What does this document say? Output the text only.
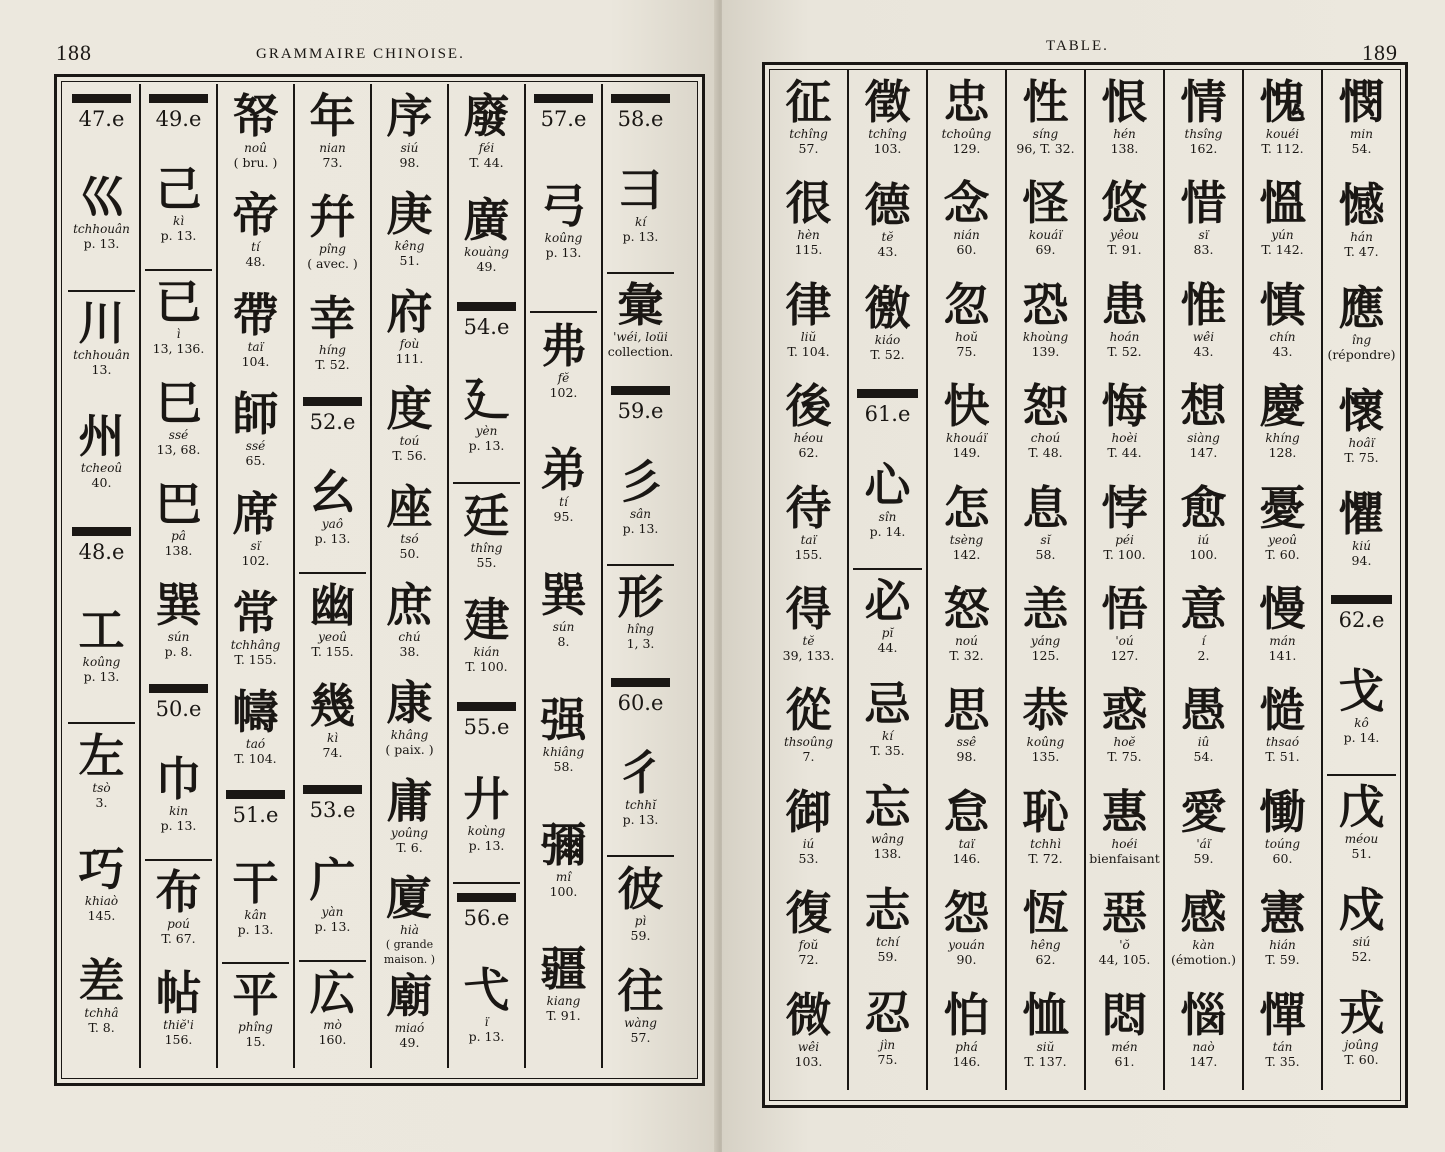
188	GRAMMAIRE CHINOISE.
47.e
巛
tchhouân
p. 13.
川
tchhouân
13.
州
tcheoû
40.
48.e
工
koûng
p. 13.
左
tsò
3.
巧
khiaò
145.
差
tchhâ
T. 8.
49.e
己
kì
p. 13.
已
ì
13, 136.
巳
ssé
13, 68.
巴
pâ
138.
巽
sún
p. 8.
50.e
巾
kin
p. 13.
布
poú
T. 67.
帖
thiĕ'i
156.
帑
noû
( bru. )
帝
tí
48.
帶
taï
104.
師
ssé
65.
席
sï
102.
常
tchhâng
T. 155.
幬
taó
T. 104.
51.e
干
kân
p. 13.
平
phîng
15.
年
nian
73.
幷
pîng
( avec. )
幸
híng
T. 52.
52.e
幺
yaô
p. 13.
幽
yeoû
T. 155.
幾
kì
74.
53.e
广
yàn
p. 13.
広
mò
160.
序
siú
98.
庚
kêng
51.
府
foù
111.
度
toú
T. 56.
座
tsó
50.
庶
chú
38.
康
khâng
( paix. )
庸
yoûng
T. 6.
廈
hià
( grande maison. )
廟
miaó
49.
廢
féi
T. 44.
廣
kouàng
49.
54.e
廴
yèn
p. 13.
廷
thîng
55.
建
kián
T. 100.
55.e
廾
koùng
p. 13.
56.e
弋
ï
p. 13.
57.e
弓
koûng
p. 13.
弗
fĕ
102.
弟
tí
95.
巽
sún
8.
强
khiâng
58.
彌
mî
100.
疆
kiang
T. 91.
58.e
彐
kí
p. 13.
彙
'wéi, loüi
collection.
59.e
彡
sân
p. 13.
形
hîng
1, 3.
60.e
彳
tchhĭ
p. 13.
彼
pì
59.
往
wàng
57.
TABLE.	189
征
tchîng
57.
很
hèn
115.
律
liŭ
T. 104.
後
héou
62.
待
taï
155.
得
tĕ
39, 133.
從
thsoûng
7.
御
iú
53.
復
foŭ
72.
微
wêi
103.
徵
tchîng
103.
德
tĕ
43.
徼
kiáo
T. 52.
61.e
心
sîn
p. 14.
必
pĭ
44.
忌
kí
T. 35.
忘
wâng
138.
志
tchí
59.
忍
jìn
75.
忠
tchoûng
129.
念
nián
60.
忽
hoŭ
75.
快
khouáï
149.
怎
tsèng
142.
怒
noú
T. 32.
思
ssê
98.
怠
taï
146.
怨
youán
90.
怕
phá
146.
性
síng
96, T. 32.
怪
kouáï
69.
恐
khoùng
139.
恕
choú
T. 48.
息
sĭ
58.
恙
yáng
125.
恭
koûng
135.
恥
tchhì
T. 72.
恆
hêng
62.
恤
siŭ
T. 137.
恨
hén
138.
悠
yêou
T. 91.
患
hoán
T. 52.
悔
hoèi
T. 44.
悖
péi
T. 100.
悟
'oú
127.
惑
hoĕ
T. 75.
惠
hoéi
bienfaisant
惡
'ŏ
44, 105.
悶
mén
61.
情
thsîng
162.
惜
sï
83.
惟
wêi
43.
想
siàng
147.
愈
iú
100.
意
í
2.
愚
iû
54.
愛
'áï
59.
感
kàn
(émotion.)
惱
naò
147.
愧
kouéi
T. 112.
慍
yún
T. 142.
慎
chín
43.
慶
khíng
128.
憂
yeoû
T. 60.
慢
mán
141.
慥
thsaó
T. 51.
慟
toúng
60.
憲
hián
T. 59.
憚
tán
T. 35.
憫
min
54.
憾
hán
T. 47.
應
îng
(répondre)
懷
hoâï
T. 75.
懼
kiú
94.
62.e
戈
kô
p. 14.
戊
méou
51.
戍
siú
52.
戎
joûng
T. 60.
